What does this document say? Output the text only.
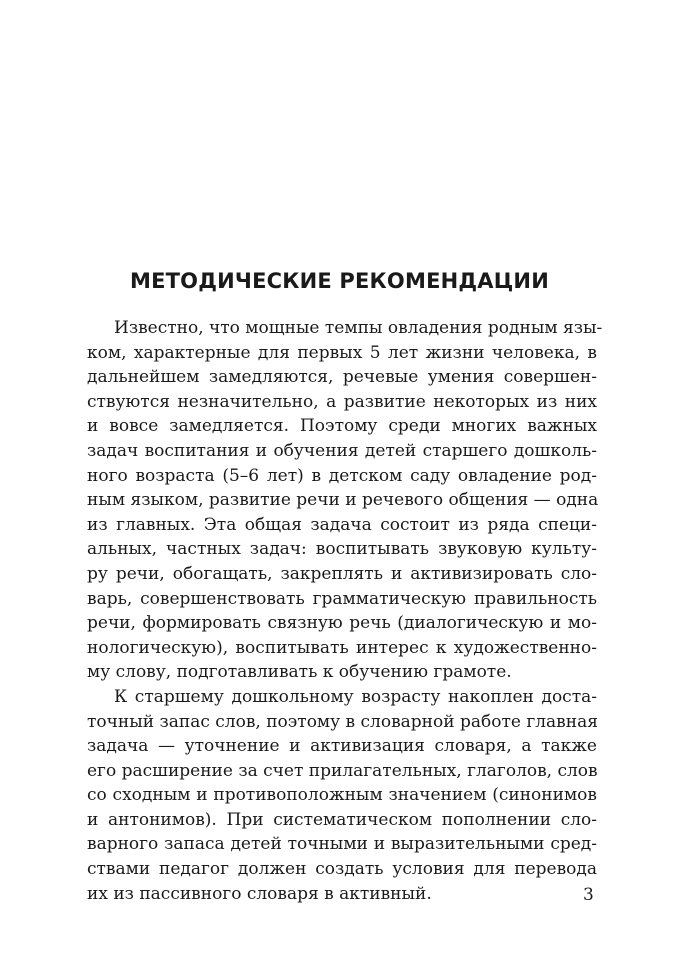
МЕТОДИЧЕСКИЕ РЕКОМЕНДАЦИИ
Известно, что мощные темпы овладения родным язы-
ком, характерные для первых 5 лет жизни человека, в
дальнейшем замедляются, речевые умения совершен-
ствуются незначительно, а развитие некоторых из них
и вовсе замедляется. Поэтому среди многих важных
задач воспитания и обучения детей старшего дошколь-
ного возраста (5–6 лет) в детском саду овладение род-
ным языком, развитие речи и речевого общения — одна
из главных. Эта общая задача состоит из ряда специ-
альных, частных задач: воспитывать звуковую культу-
ру речи, обогащать, закреплять и активизировать сло-
варь, совершенствовать грамматическую правильность
речи, формировать связную речь (диалогическую и мо-
нологическую), воспитывать интерес к художественно-
му слову, подготавливать к обучению грамоте.
К старшему дошкольному возрасту накоплен доста-
точный запас слов, поэтому в словарной работе главная
задача — уточнение и активизация словаря, а также
его расширение за счет прилагательных, глаголов, слов
со сходным и противоположным значением (синонимов
и антонимов). При систематическом пополнении сло-
варного запаса детей точными и выразительными сред-
ствами педагог должен создать условия для перевода
их из пассивного словаря в активный.	3
